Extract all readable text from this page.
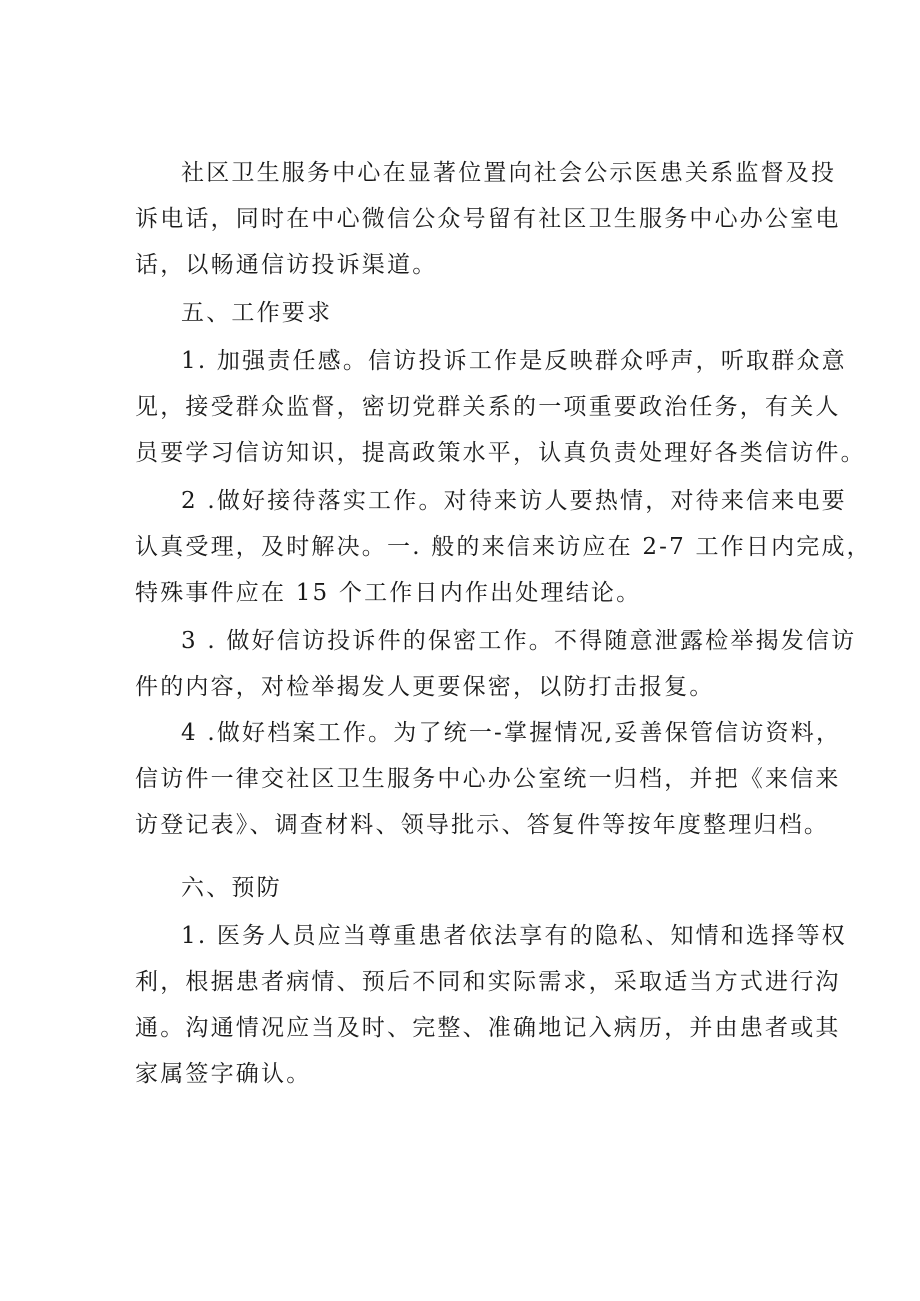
社区卫生服务中心在显著位置向社会公示医患关系监督及投
诉电话，同时在中心微信公众号留有社区卫生服务中心办公室电
话，以畅通信访投诉渠道。
五、工作要求
1. 加强责任感。信访投诉工作是反映群众呼声，听取群众意
见，接受群众监督，密切党群关系的一项重要政治任务，有关人
员要学习信访知识，提高政策水平，认真负责处理好各类信访件。
2 .做好接待落实工作。对待来访人要热情，对待来信来电要
认真受理，及时解决。一. 般的来信来访应在 2-7 工作日内完成，
特殊事件应在 15 个工作日内作出处理结论。
3 . 做好信访投诉件的保密工作。不得随意泄露检举揭发信访
件的内容，对检举揭发人更要保密，以防打击报复。
4 .做好档案工作。为了统一-掌握情况,妥善保管信访资料，
信访件一律交社区卫生服务中心办公室统一归档，并把《来信来
访登记表》、调查材料、领导批示、答复件等按年度整理归档。
六、预防
1. 医务人员应当尊重患者依法享有的隐私、知情和选择等权
利，根据患者病情、预后不同和实际需求，采取适当方式进行沟
通。沟通情况应当及时、完整、准确地记入病历，并由患者或其
家属签字确认。
